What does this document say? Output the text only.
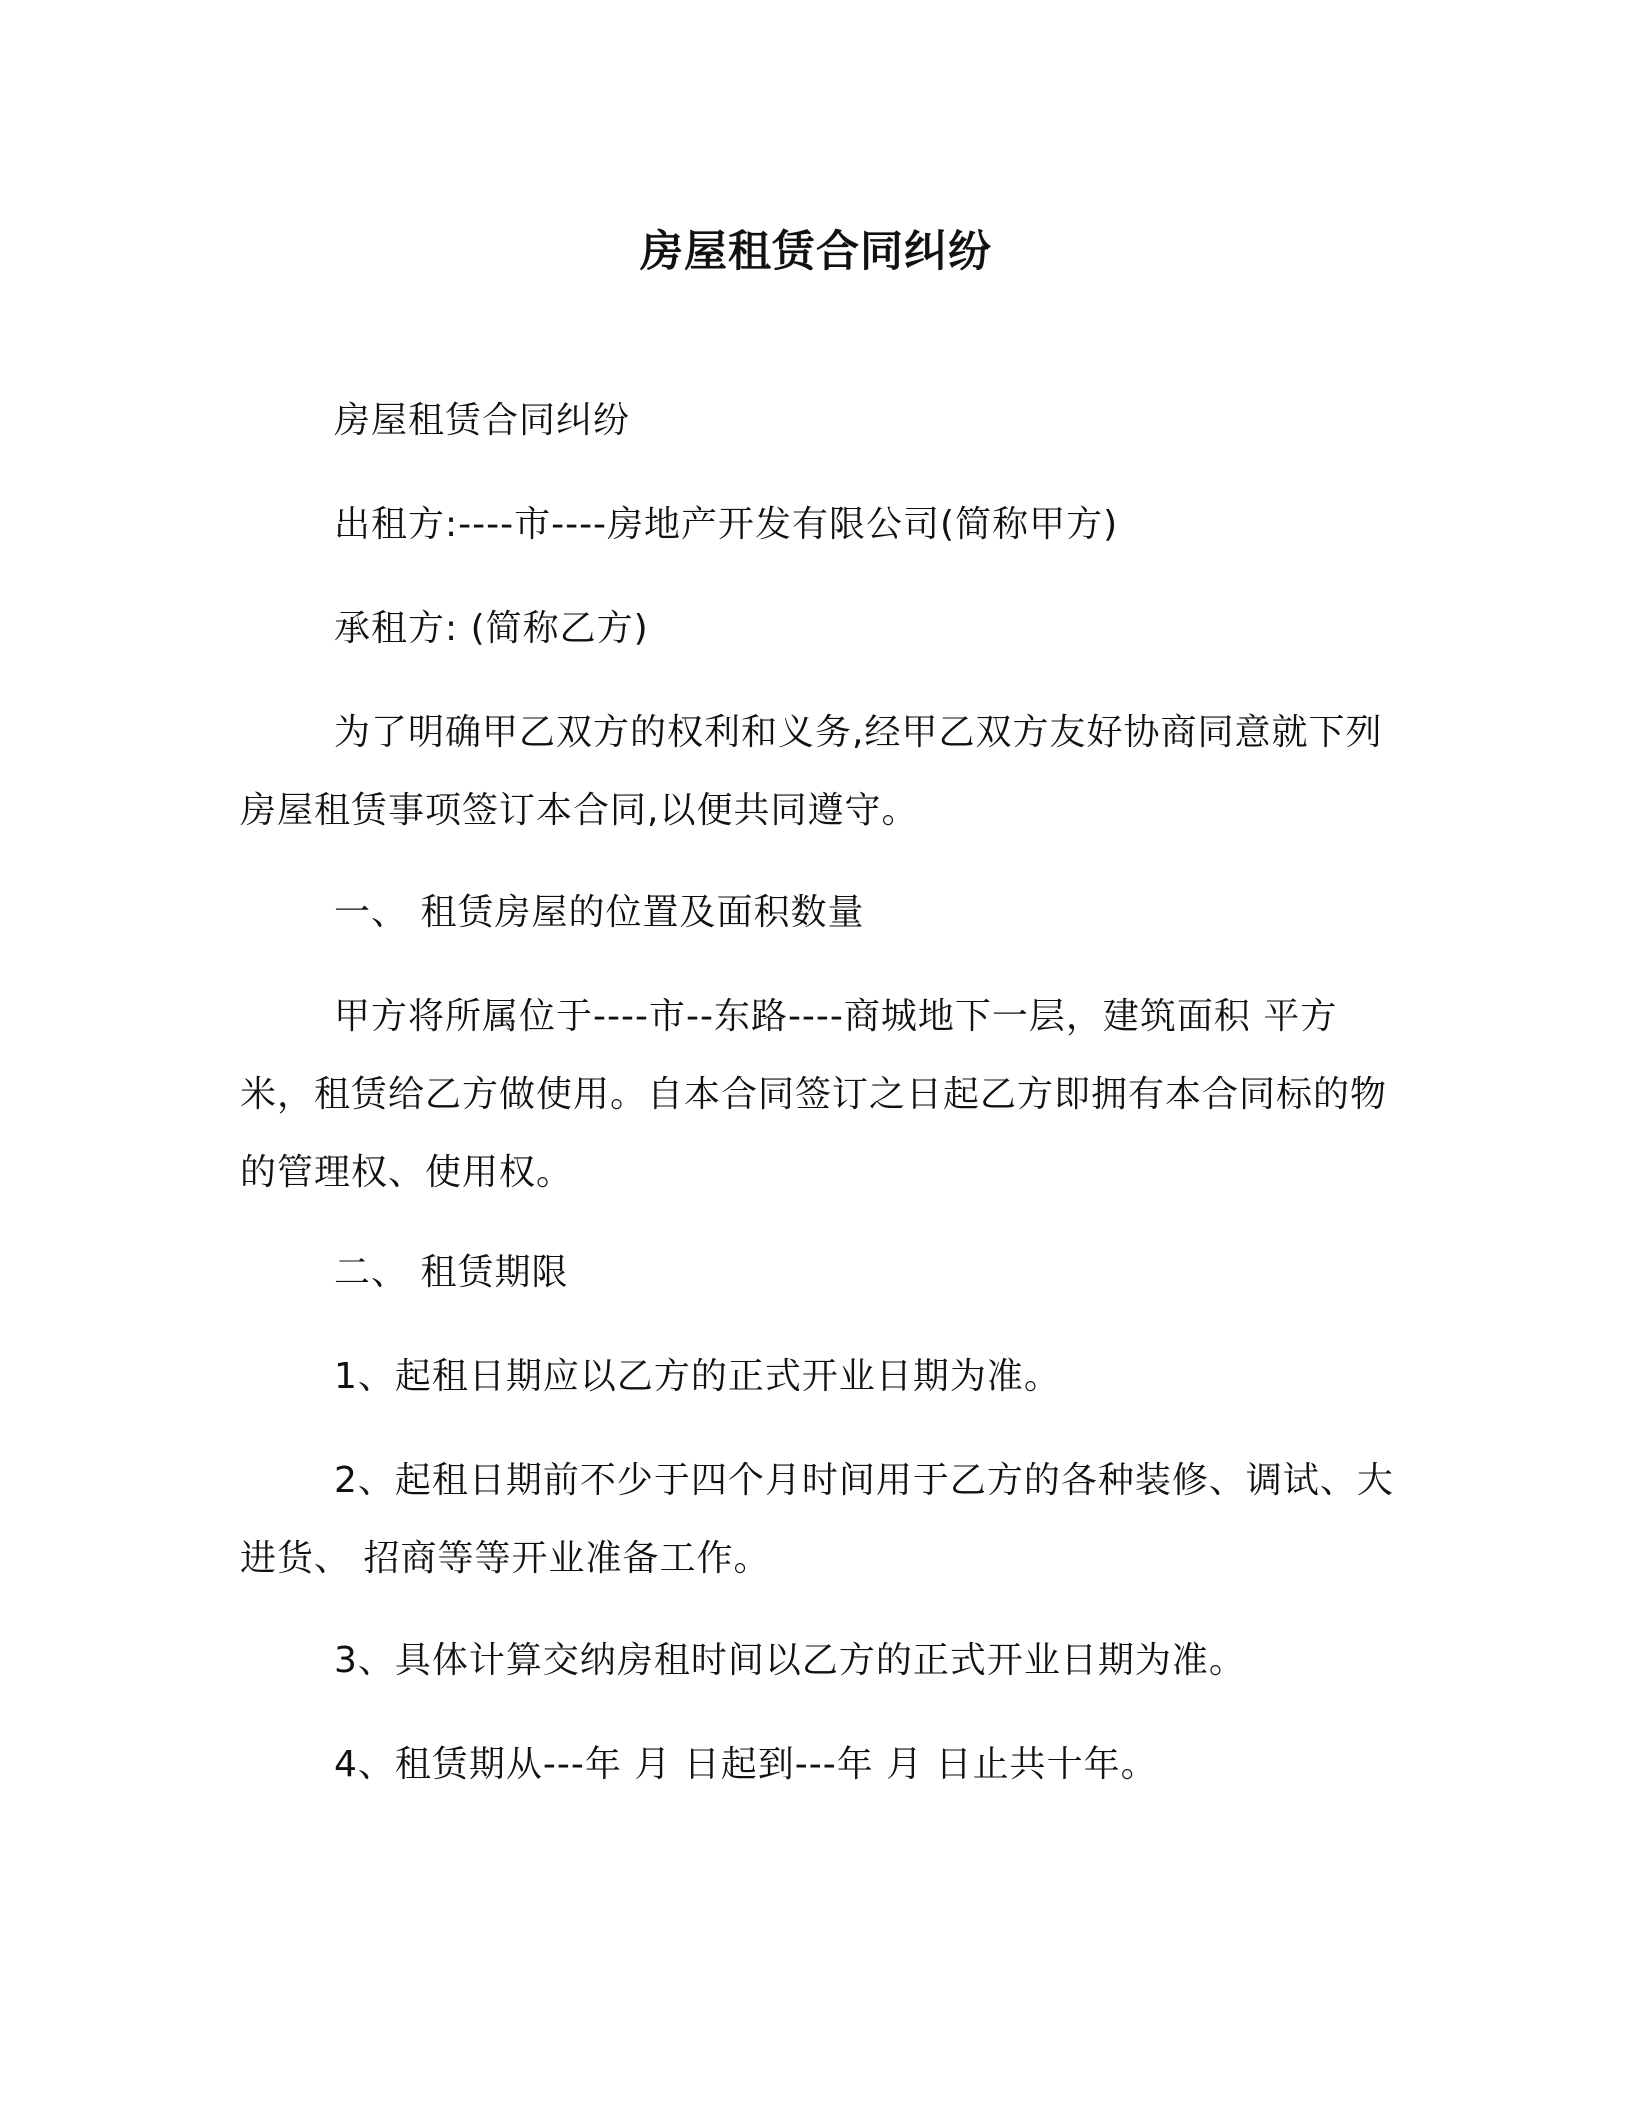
房屋租赁合同纠纷

房屋租赁合同纠纷

出租方:----市----房地产开发有限公司(简称甲方)

承租方: (简称乙方)

为了明确甲乙双方的权利和义务,经甲乙双方友好协商同意就下列房屋租赁事项签订本合同,以便共同遵守。

一、 租赁房屋的位置及面积数量

甲方将所属位于----市--东路----商城地下一层，建筑面积 平方米，租赁给乙方做使用。自本合同签订之日起乙方即拥有本合同标的物的管理权、使用权。

二、 租赁期限

1、起租日期应以乙方的正式开业日期为准。

2、起租日期前不少于四个月时间用于乙方的各种装修、调试、大进货、 招商等等开业准备工作。

3、具体计算交纳房租时间以乙方的正式开业日期为准。

4、租赁期从---年 月 日起到---年 月 日止共十年。
